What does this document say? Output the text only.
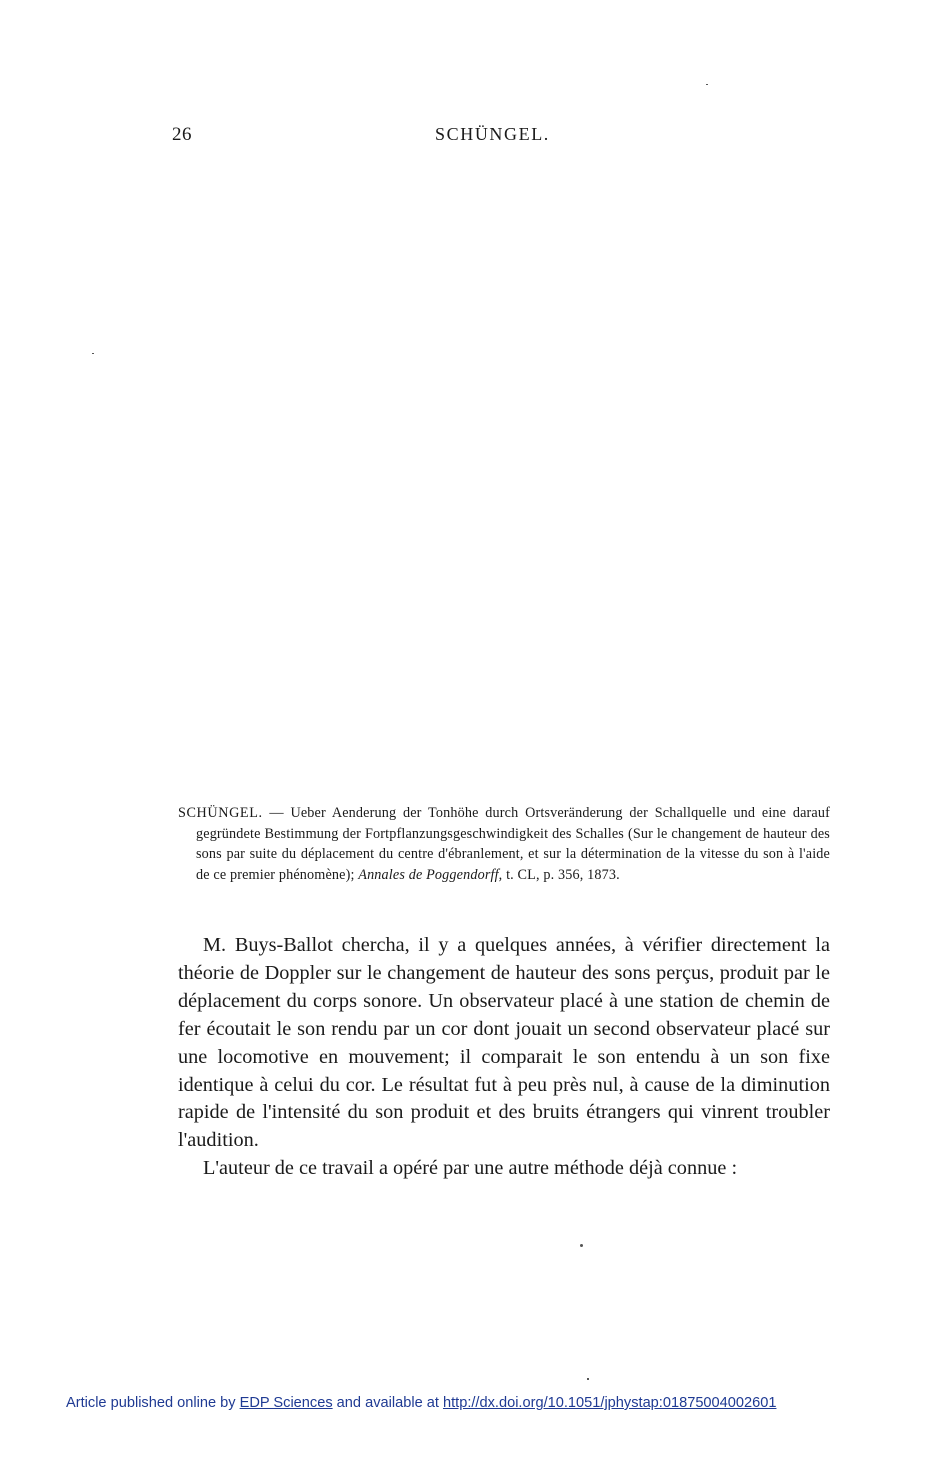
26	SCHÜNGEL.
SCHÜNGEL. — Ueber Aenderung der Tonhöhe durch Ortsveränderung der Schallquelle und eine darauf gegründete Bestimmung der Fortpflanzungsgeschwindigkeit des Schalles (Sur le changement de hauteur des sons par suite du déplacement du centre d'ébranlement, et sur la détermination de la vitesse du son à l'aide de ce premier phénomène); Annales de Poggendorff, t. CL, p. 356, 1873.

M. Buys-Ballot chercha, il y a quelques années, à vérifier directement la théorie de Doppler sur le changement de hauteur des sons perçus, produit par le déplacement du corps sonore. Un observateur placé à une station de chemin de fer écoutait le son rendu par un cor dont jouait un second observateur placé sur une locomotive en mouvement; il comparait le son entendu à un son fixe identique à celui du cor. Le résultat fut à peu près nul, à cause de la diminution rapide de l'intensité du son produit et des bruits étrangers qui vinrent troubler l'audition.

L'auteur de ce travail a opéré par une autre méthode déjà connue :

Article published online by EDP Sciences and available at http://dx.doi.org/10.1051/jphystap:01875004002601
